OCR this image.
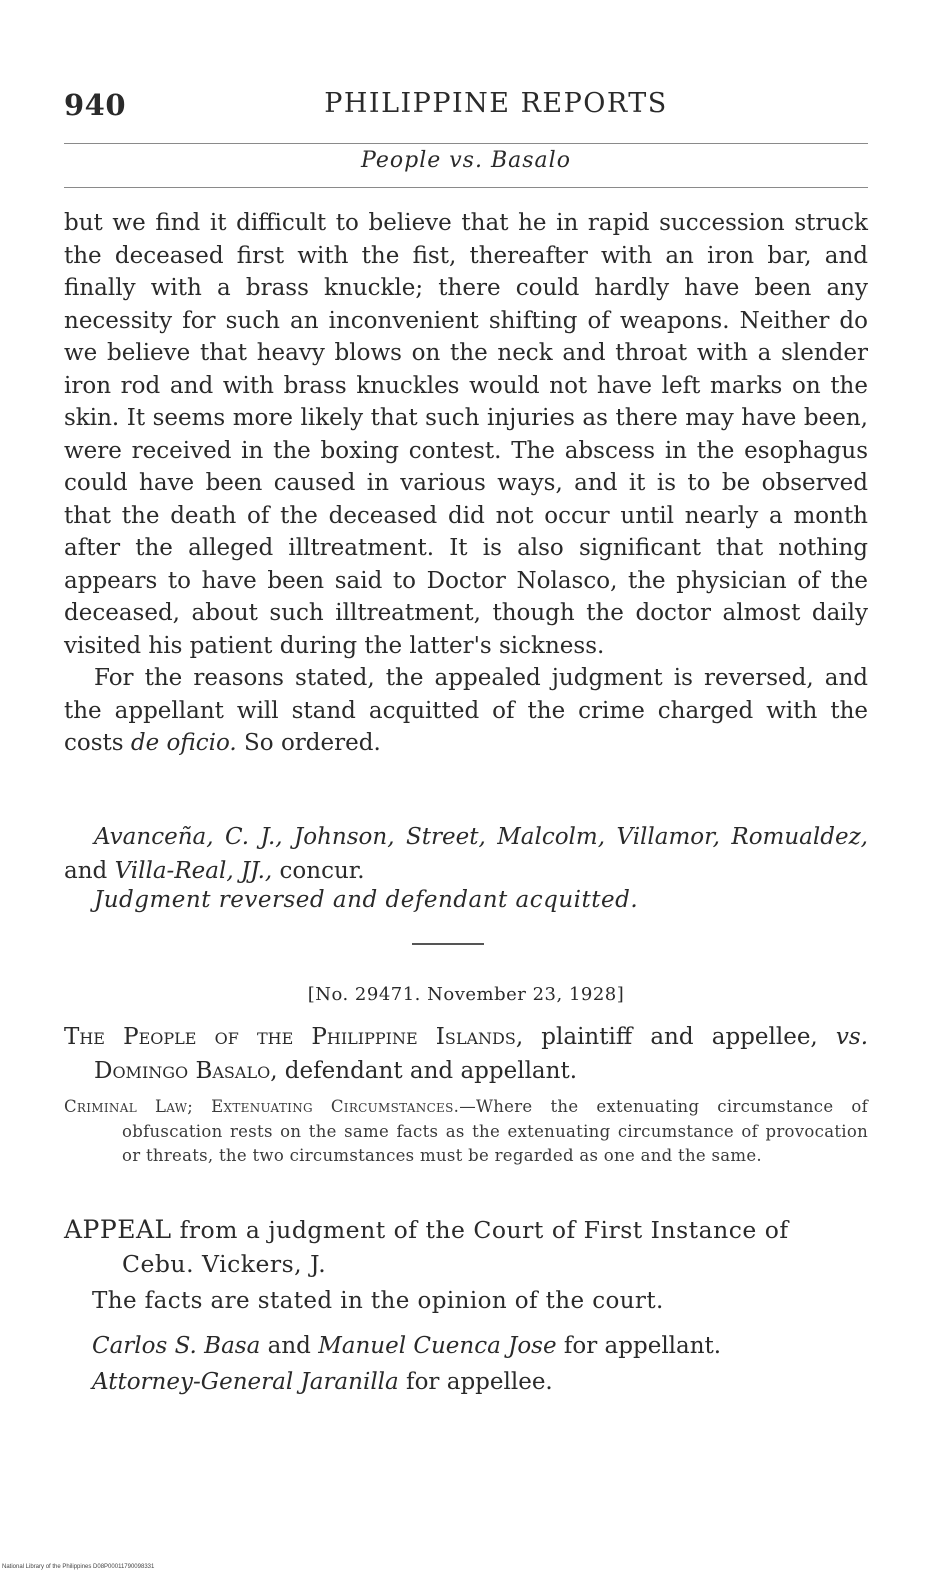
940	PHILIPPINE REPORTS
People vs. Basalo

but we find it difficult to believe that he in rapid succession struck the deceased first with the fist, thereafter with an iron bar, and finally with a brass knuckle; there could hardly have been any necessity for such an inconvenient shifting of weapons. Neither do we believe that heavy blows on the neck and throat with a slender iron rod and with brass knuckles would not have left marks on the skin. It seems more likely that such injuries as there may have been, were received in the boxing contest. The abscess in the esophagus could have been caused in various ways, and it is to be observed that the death of the deceased did not occur until nearly a month after the alleged illtreatment. It is also significant that nothing appears to have been said to Doctor Nolasco, the physician of the deceased, about such illtreatment, though the doctor almost daily visited his patient during the latter's sickness.

For the reasons stated, the appealed judgment is reversed, and the appellant will stand acquitted of the crime charged with the costs de oficio. So ordered.

Avanceña, C. J., Johnson, Street, Malcolm, Villamor, Romualdez, and Villa-Real, JJ., concur.
Judgment reversed and defendant acquitted.
[No. 29471. November 23, 1928]
The People of the Philippine Islands, plaintiff and appellee, vs. Domingo Basalo, defendant and appellant.
Criminal Law; Extenuating Circumstances.—Where the extenuating circumstance of obfuscation rests on the same facts as the extenuating circumstance of provocation or threats, the two circumstances must be regarded as one and the same.
APPEAL from a judgment of the Court of First Instance of Cebu. Vickers, J.
The facts are stated in the opinion of the court.
Carlos S. Basa and Manuel Cuenca Jose for appellant.
Attorney-General Jaranilla for appellee.
National Library of the Philippines D08P00011790098331
